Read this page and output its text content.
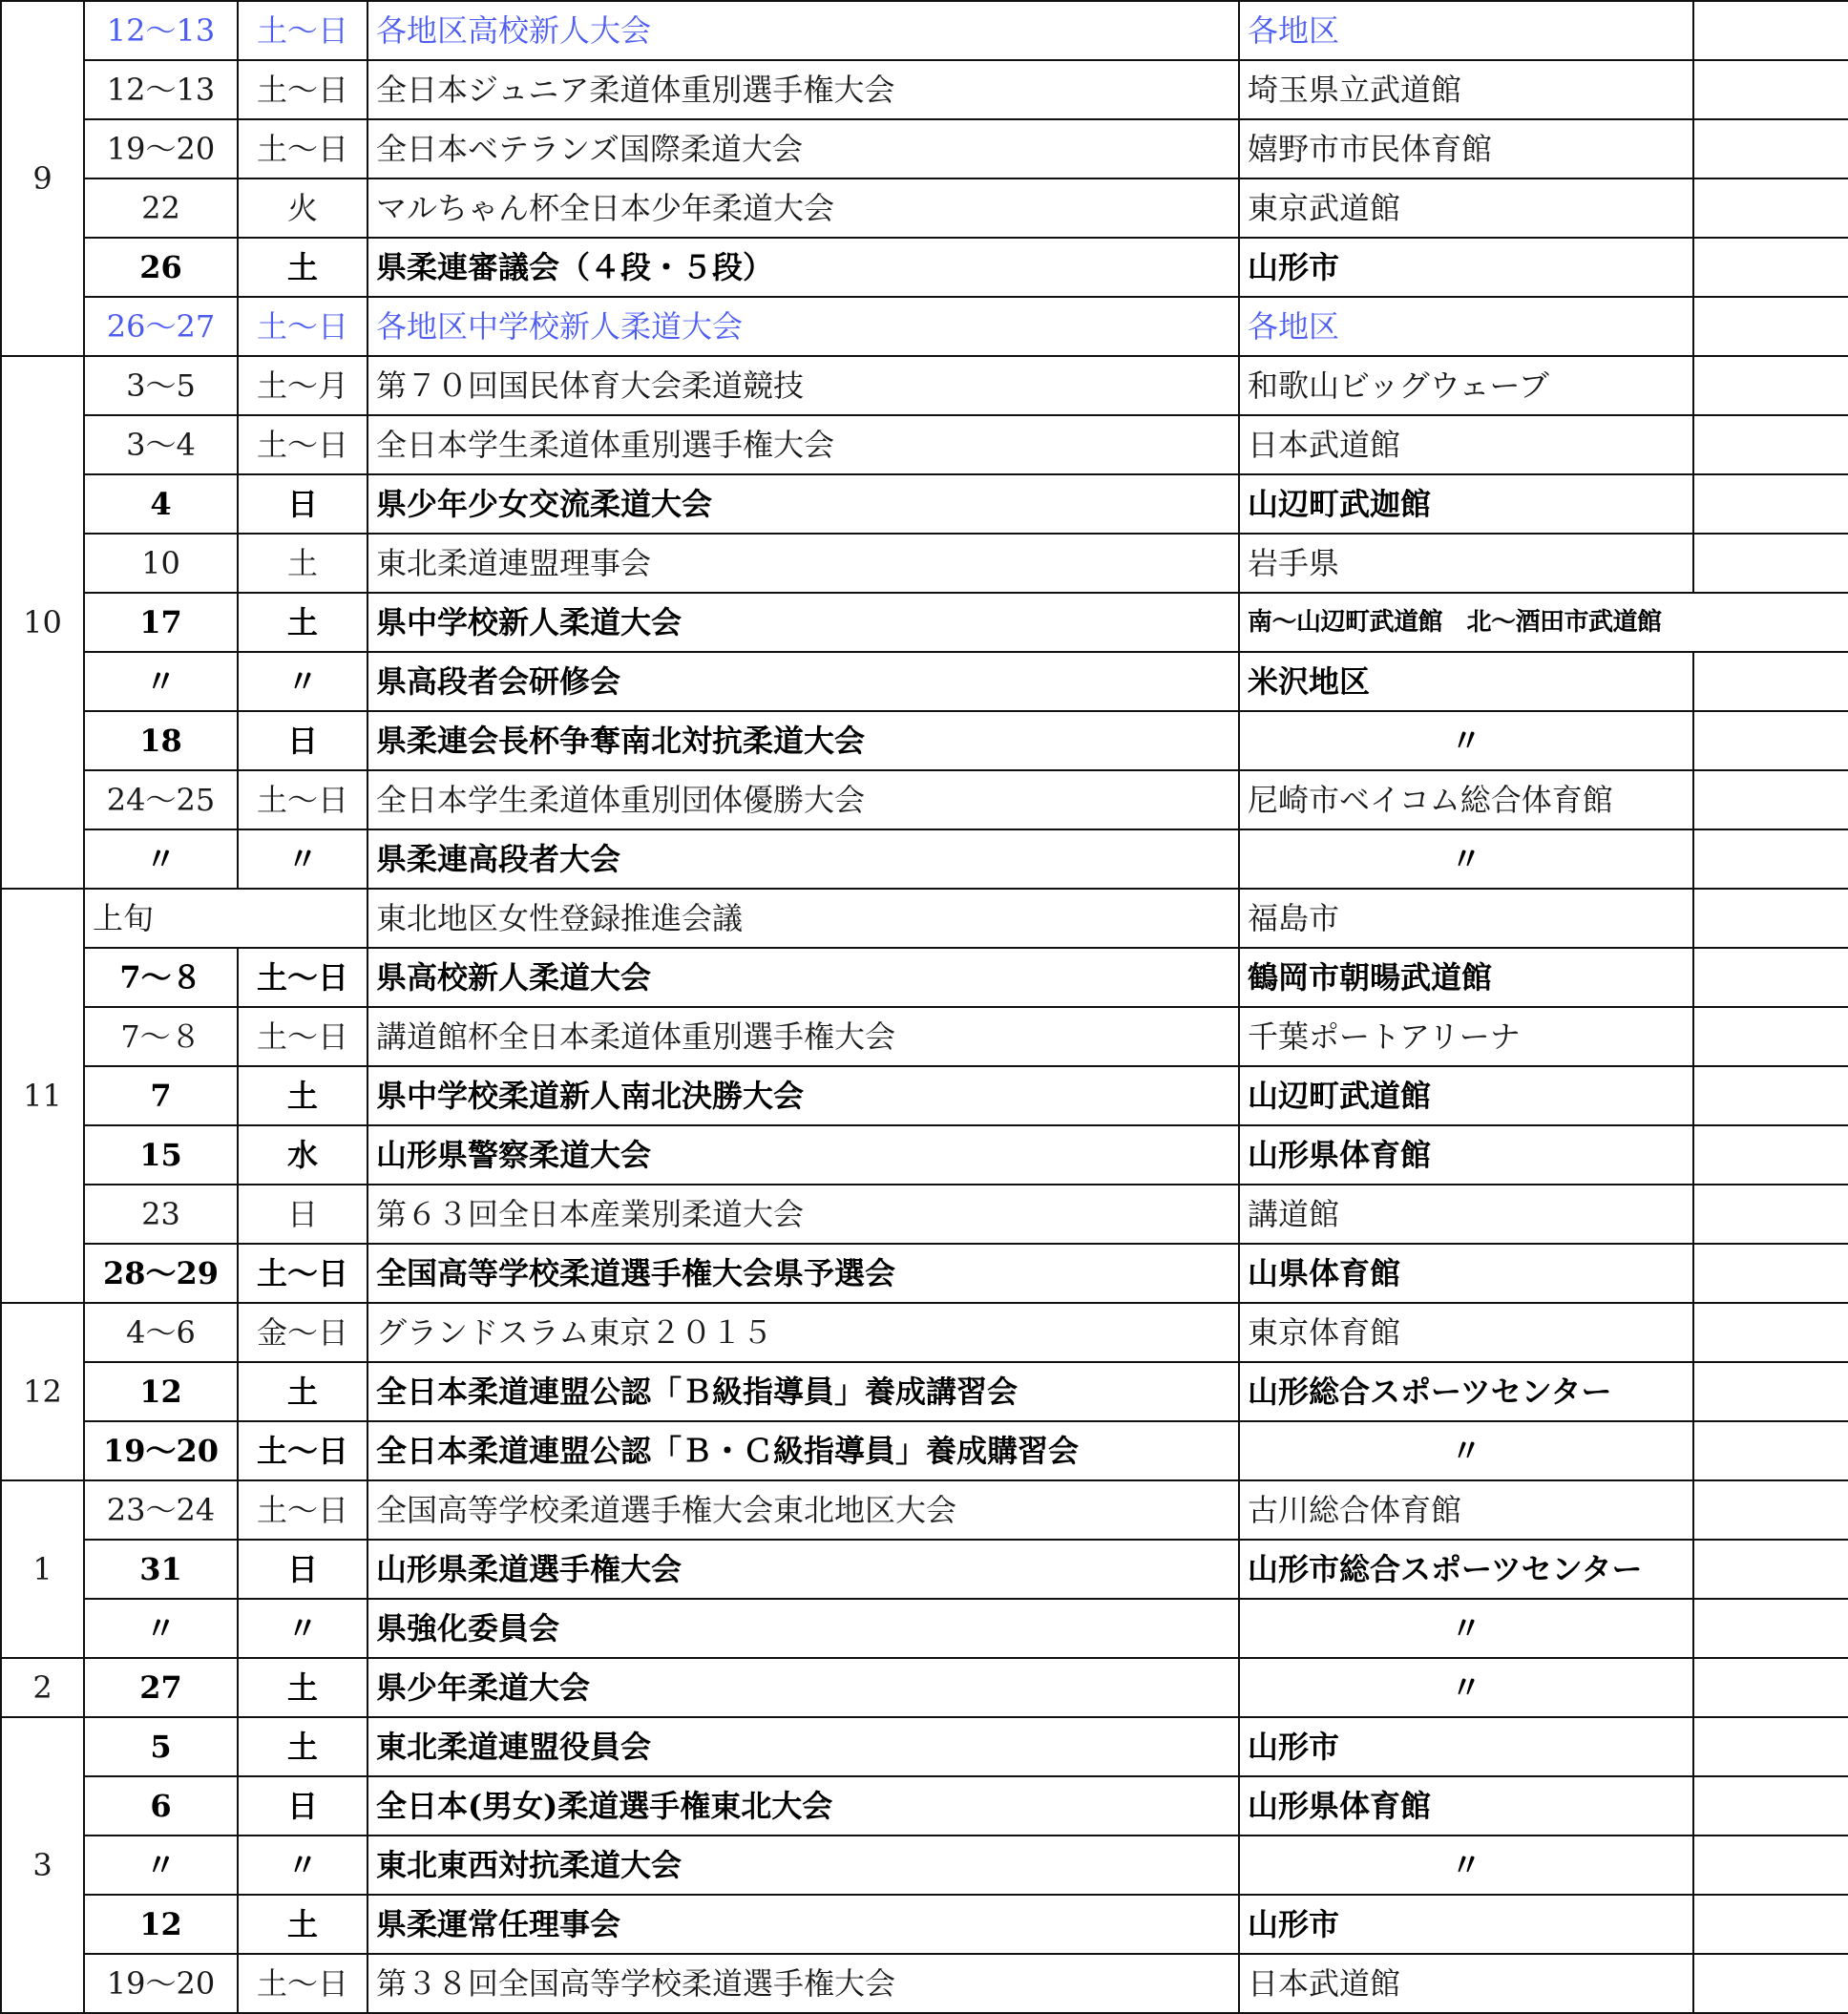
9	12～13	土～日	各地区高校新人大会	各地区	
	12～13	土～日	全日本ジュニア柔道体重別選手権大会	埼玉県立武道館	
	19～20	土～日	全日本ベテランズ国際柔道大会	嬉野市市民体育館	
	22	火	マルちゃん杯全日本少年柔道大会	東京武道館	
	26	土	県柔連審議会（４段・５段）	山形市	
	26～27	土～日	各地区中学校新人柔道大会	各地区	
10	3～5	土～月	第７０回国民体育大会柔道競技	和歌山ビッグウェーブ	
	3～4	土～日	全日本学生柔道体重別選手権大会	日本武道館	
	4	日	県少年少女交流柔道大会	山辺町武迦館	
	10	土	東北柔道連盟理事会	岩手県	
	17	土	県中学校新人柔道大会	南～山辺町武道館　北～酒田市武道館	
	〃	〃	県高段者会研修会	米沢地区	
	18	日	県柔連会長杯争奪南北対抗柔道大会	〃	
	24～25	土～日	全日本学生柔道体重別団体優勝大会	尼崎市ベイコム総合体育館	
	〃	〃	県柔連高段者大会	〃	
11	上旬		東北地区女性登録推進会議	福島市	
	7～８	土～日	県高校新人柔道大会	鶴岡市朝暘武道館	
	7～８	土～日	講道館杯全日本柔道体重別選手権大会	千葉ポートアリーナ	
	7	土	県中学校柔道新人南北決勝大会	山辺町武道館	
	15	水	山形県警察柔道大会	山形県体育館	
	23	日	第６３回全日本産業別柔道大会	講道館	
	28～29	土～日	全国高等学校柔道選手権大会県予選会	山県体育館	
12	4～6	金～日	グランドスラム東京２０１５	東京体育館	
	12	土	全日本柔道連盟公認「Ｂ級指導員」養成講習会	山形総合スポーツセンター	
	19～20	土～日	全日本柔道連盟公認「Ｂ・Ｃ級指導員」養成購習会	〃	
1	23～24	土～日	全国高等学校柔道選手権大会東北地区大会	古川総合体育館	
	31	日	山形県柔道選手権大会	山形市総合スポーツセンター	
	〃	〃	県強化委員会	〃	
2	27	土	県少年柔道大会	〃	
3	5	土	東北柔道連盟役員会	山形市	
	6	日	全日本(男女)柔道選手権東北大会	山形県体育館	
	〃	〃	東北東西対抗柔道大会	〃	
	12	土	県柔運常任理事会	山形市	
	19～20	土～日	第３８回全国高等学校柔道選手権大会	日本武道館	
